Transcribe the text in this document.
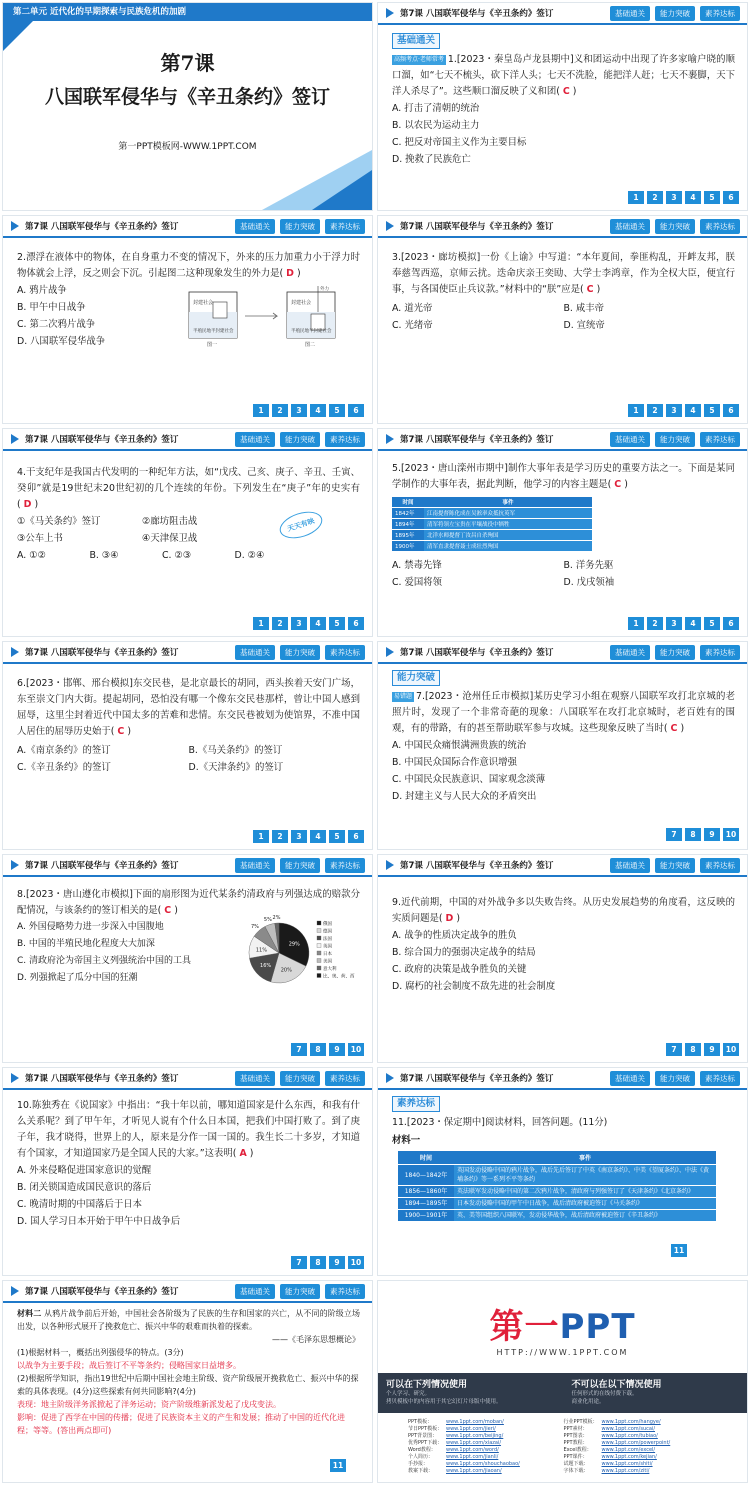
第二单元 近代化的早期探索与民族危机的加剧
第7课
八国联军侵华与《辛丑条约》签订
第一PPT模板网-WWW.1PPT.COM
第7课 八国联军侵华与《辛丑条约》签订	基础通关	能力突破	素养达标
基础通关
高频考点·老师常考 1.[2023・秦皇岛卢龙县期中]义和团运动中出现了许多家喻户晓的顺口溜，如“七天不梳头，砍下洋人头；七天不洗脸，能把洋人赶；七天不裹脚，天下洋人杀尽了”。这些顺口溜反映了义和团( C )
A. 打击了清朝的统治
B. 以农民为运动主力
C. 把反对帝国主义作为主要目标
D. 挽救了民族危亡
1	2	3	4	5	6
第7课 八国联军侵华与《辛丑条约》签订	基础通关	能力突破	素养达标
2.漂浮在液体中的物体，在自身重力不变的情况下，外来的压力加重力小于浮力时物体就会上浮，反之则会下沉。引起图二这种现象发生的外力是( D )
A. 鸦片战争
B. 甲午中日战争
C. 第二次鸦片战争
D. 八国联军侵华战争
封建社会
半殖民地半封建社会
封建社会
半殖民地半封建社会
外力
图一	图二
1	2	3	4	5	6
第7课 八国联军侵华与《辛丑条约》签订	基础通关	能力突破	素养达标
3.[2023・廊坊模拟]一份《上谕》中写道：“本年夏间，拳匪构乱，开衅友邦，朕奉慈驾西巡，京师云扰。迭命庆亲王奕劻、大学士李鸿章，作为全权大臣，便宜行事，与各国使臣止兵议款。”材料中的“朕”应是( C )
A. 道光帝	B. 咸丰帝
C. 光绪帝	D. 宣统帝
1	2	3	4	5	6
第7课 八国联军侵华与《辛丑条约》签订	基础通关	能力突破	素养达标
4.干支纪年是我国古代发明的一种纪年方法，如“戊戌、己亥、庚子、辛丑、壬寅、癸卯”就是19世纪末20世纪初的几个连续的年份。下列发生在“庚子”年的史实有( D )
①《马关条约》签订	②廊坊阻击战
③公车上书	④天津保卫战
天天有映
A. ①②	B. ③④	C. ②③	D. ②④
1	2	3	4	5	6
第7课 八国联军侵华与《辛丑条约》签订	基础通关	能力突破	素养达标
5.[2023・唐山滦州市期中]制作大事年表是学习历史的重要方法之一。下面是某同学制作的大事年表，据此判断，他学习的内容主题是( C )
时间	事件
1842年	江南提督陈化成在吴淞率众抵抗英军
1894年	清军将领左宝贵在平壤战役中牺牲
1895年	北洋水师提督丁汝昌自杀殉国
1900年	清军直隶提督聂士成壮烈殉国
A. 禁毒先锋	B. 洋务先驱
C. 爱国将领	D. 戊戌领袖
1	2	3	4	5	6
第7课 八国联军侵华与《辛丑条约》签订	基础通关	能力突破	素养达标
6.[2023・邯郸、邢台模拟]东交民巷，是北京最长的胡同，西头挨着天安门广场，东至崇文门内大街。提起胡同，恐怕没有哪一个像东交民巷那样，曾让中国人感到屈辱，这里尘封着近代中国太多的苦难和悲情。东交民巷被划为使馆界，不准中国人居住的屈辱历史始于( C )
A.《南京条约》的签订	B.《马关条约》的签订
C.《辛丑条约》的签订	D.《天津条约》的签订
1	2	3	4	5	6
第7课 八国联军侵华与《辛丑条约》签订	基础通关	能力突破	素养达标
能力突破
易错题 7.[2023・沧州任丘市模拟]某历史学习小组在观察八国联军攻打北京城的老照片时，发现了一个非常奇葩的现象：八国联军在攻打北京城时，老百姓有的围观，有的带路，有的甚至帮助联军参与攻城。这些现象反映了当时( C )
A. 中国民众痛恨满洲贵族的统治
B. 中国民众国际合作意识增强
C. 中国民众民族意识、国家观念淡薄
D. 封建主义与人民大众的矛盾突出
7	8	9	10
第7课 八国联军侵华与《辛丑条约》签订	基础通关	能力突破	素养达标
8.[2023・唐山遵化市模拟]下面的扇形图为近代某条约清政府与列强达成的赔款分配情况，与该条约的签订相关的是( C )
A. 外国侵略势力进一步深入中国腹地
B. 中国的半殖民地化程度大大加深
C. 清政府沦为帝国主义列强统治中国的工具
D. 列强掀起了瓜分中国的狂潮
29%
20%
16%
11%
7%
5% 2%
俄国
德国
法国
英国
日本
美国
意大利
比、奥、荷、西
7	8	9	10
第7课 八国联军侵华与《辛丑条约》签订	基础通关	能力突破	素养达标
9.近代前期，中国的对外战争多以失败告终。从历史发展趋势的角度看，这反映的实质问题是( D )
A. 战争的性质决定战争的胜负
B. 综合国力的强弱决定战争的结局
C. 政府的决策是战争胜负的关键
D. 腐朽的社会制度不敌先进的社会制度
7	8	9	10
第7课 八国联军侵华与《辛丑条约》签订	基础通关	能力突破	素养达标
10.陈独秀在《说国家》中指出：“我十年以前，哪知道国家是什么东西，和我有什么关系呢？到了甲午年，才听见人说有个什么日本国，把我们中国打败了。到了庚子年，我才晓得，世界上的人，原来是分作一国一国的。我生长二十多岁，才知道有个国家，才知道国家乃是全国人民的大家。”这表明( A )
A. 外来侵略促进国家意识的觉醒
B. 闭关锁国造成国民意识的落后
C. 晚清时期的中国落后于日本
D. 国人学习日本开始于甲午中日战争后
7	8	9	10
第7课 八国联军侵华与《辛丑条约》签订	基础通关	能力突破	素养达标
素养达标
11.[2023・保定期中]阅读材料，回答问题。(11分)
材料一
时间	事件
1840—1842年	英国发动侵略中国的鸦片战争，战后先后签订了中英《南京条约》、中美《望厦条约》、中法《黄埔条约》等一系列不平等条约
1856—1860年	英法联军发动侵略中国的第二次鸦片战争，清政府与列强签订了《天津条约》《北京条约》
1894—1895年	日本发动侵略中国的甲午中日战争，战后清政府被迫签订《马关条约》
1900—1901年	英、美等国组织八国联军，发动侵华战争，战后清政府被迫签订《辛丑条约》
11
第7课 八国联军侵华与《辛丑条约》签订	基础通关	能力突破	素养达标
材料二 从鸦片战争前后开始，中国社会各阶级为了民族的生存和国家的兴亡，从不同的阶级立场出发，以各种形式展开了挽救危亡、振兴中华的艰难而执着的探索。
——《毛泽东思想概论》
(1)根据材料一，概括出列强侵华的特点。(3分)
以战争为主要手段；战后签订不平等条约；侵略国家日益增多。
(2)根据所学知识，指出19世纪中后期中国社会地主阶级、资产阶级展开挽救危亡、振兴中华的探索的具体表现。(4分)这些探索有何共同影响?(4分)
表现：地主阶级洋务派掀起了洋务运动；资产阶级维新派发起了戊戌变法。
影响：促进了西学在中国的传播；促进了民族资本主义的产生和发展；推动了中国的近代化进程；等等。(答出两点即可)
11
第一PPT
HTTP://WWW.1PPT.COM
可以在下列情况使用

个人学习、研究。
拷贝模板中的内容用于其它幻灯片母版中使用。

不可以在以下情况使用

任何形式的在线付费下载。
商业化用途。

PPT模板：	www.1ppt.com/moban/
节日PPT模板： www.1ppt.com/jieri/
PPT背景图： www.1ppt.com/beijing/
优秀PPT下载： www.1ppt.com/xiazai/
Word教程： www.1ppt.com/word/
个人简历：	www.1ppt.com/jianli/
手抄报：	www.1ppt.com/shouchaobao/
教案下载：	www.1ppt.com/jiaoan/
行业PPT模板： www.1ppt.com/hangye/
PPT素材：	www.1ppt.com/sucai/
PPT图表：	www.1ppt.com/tubiao/
PPT教程：	www.1ppt.com/powerpoint/
Excel教程： www.1ppt.com/excel/
PPT课件：	www.1ppt.com/kejian/
试题下载：	www.1ppt.com/shiti/
字体下载：	www.1ppt.com/ziti/
